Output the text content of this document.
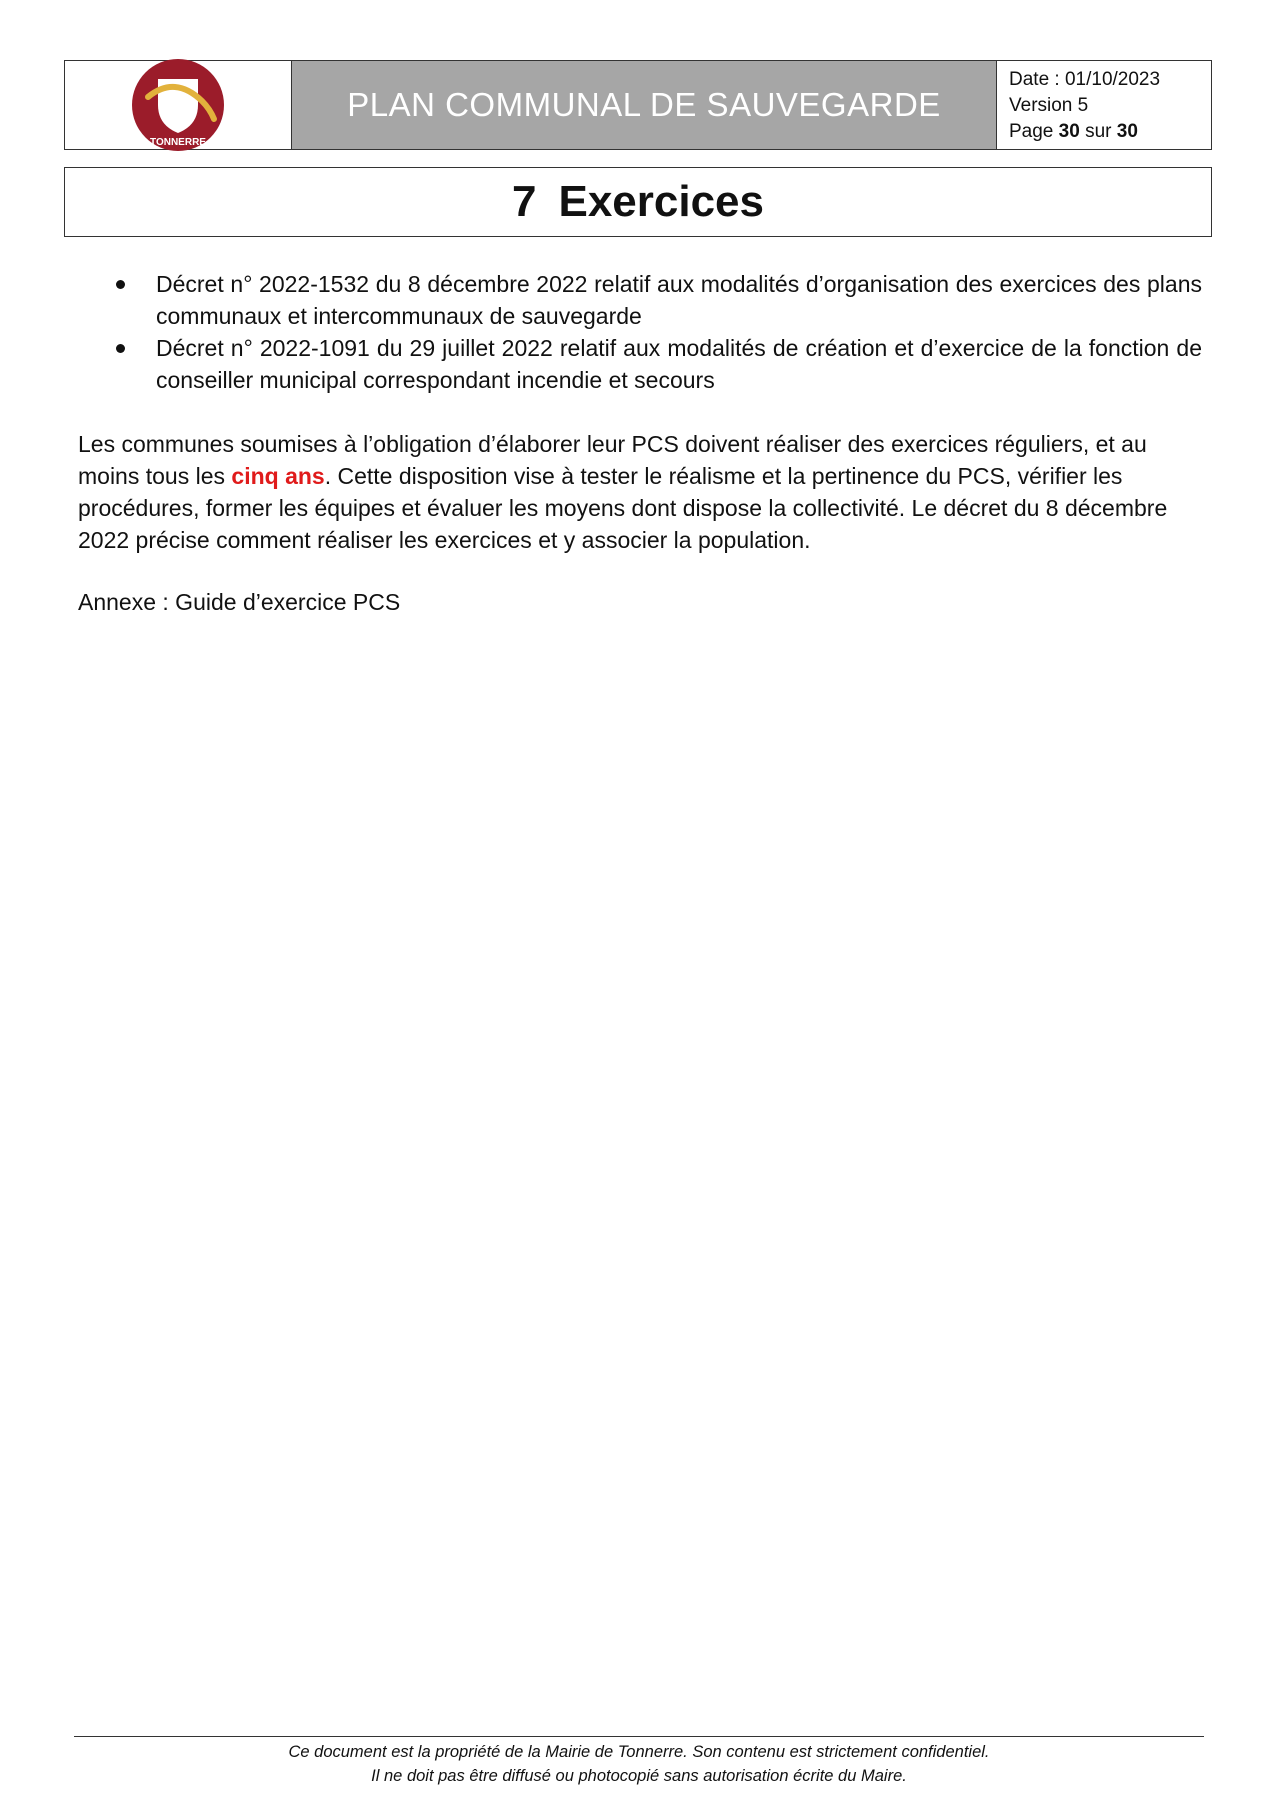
TONNERRE
PLAN COMMUNAL DE SAUVEGARDE
Date : 01/10/2023
Version 5
Page 30 sur 30
7 Exercices
Décret n° 2022-1532 du 8 décembre 2022 relatif aux modalités d’organisation des exercices des plans communaux et intercommunaux de sauvegarde
Décret n° 2022-1091 du 29 juillet 2022 relatif aux modalités de création et d’exercice de la fonction de conseiller municipal correspondant incendie et secours

Les communes soumises à l’obligation d’élaborer leur PCS doivent réaliser des exercices réguliers, et au moins tous les cinq ans. Cette disposition vise à tester le réalisme et la pertinence du PCS, vérifier les procédures, former les équipes et évaluer les moyens dont dispose la collectivité. Le décret du 8 décembre 2022 précise comment réaliser les exercices et y associer la population.

Annexe : Guide d’exercice PCS

Ce document est la propriété de la Mairie de Tonnerre. Son contenu est strictement confidentiel.
Il ne doit pas être diffusé ou photocopié sans autorisation écrite du Maire.
